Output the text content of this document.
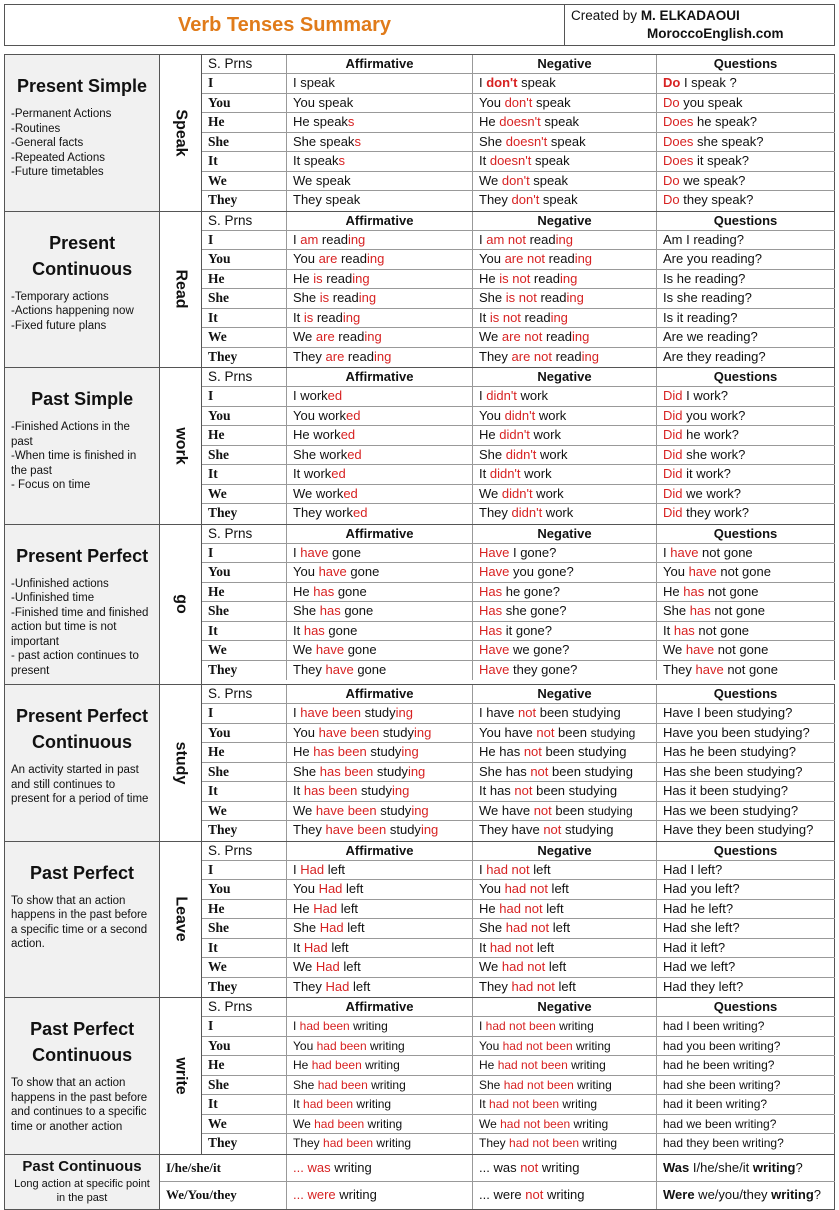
Verb Tenses Summary	Created by M. ELKADAOUI
MoroccoEnglish.com
Present Simple
-Permanent Actions
-Routines
-General facts
-Repeated Actions
-Future timetables
Speak
S. Prns	Affirmative	Negative	Questions
I	I speak	I don't speak	Do I speak ?
You	You speak	You don't speak	Do you speak
He	He speaks	He doesn't speak	Does he speak?
She	She speaks	She doesn't speak	Does she speak?
It	It speaks	It doesn't speak	Does it speak?
We	We speak	We don't speak	Do we speak?
They	They speak	They don't speak	Do they speak?
Present Continuous
-Temporary actions
-Actions happening now
-Fixed future plans
Read
S. Prns	Affirmative	Negative	Questions
I	I am reading	I am not reading	Am I reading?
You	You are reading	You are not reading	Are you reading?
He	He is reading	He is not reading	Is he reading?
She	She is reading	She is not reading	Is she reading?
It	It is reading	It is not reading	Is it reading?
We	We are reading	We are not reading	Are we reading?
They	They are reading	They are not reading	Are they reading?
Past Simple
-Finished Actions in the past
-When time is finished in the past
- Focus on time
work
S. Prns	Affirmative	Negative	Questions
I	I worked	I didn't work	Did I work?
You	You worked	You didn't work	Did you work?
He	He worked	He didn't work	Did he work?
She	She worked	She didn't work	Did she work?
It	It worked	It didn't work	Did it work?
We	We worked	We didn't work	Did we work?
They	They worked	They didn't work	Did they work?
Present Perfect
-Unfinished actions
-Unfinished time
-Finished time and finished action but time is not important
- past action continues to present
go
S. Prns	Affirmative	Negative	Questions
I	I have gone	Have I gone?	I have not gone
You	You have gone	Have you gone?	You have not gone
He	He has gone	Has he gone?	He has not gone
She	She has gone	Has she gone?	She has not gone
It	It has gone	Has it gone?	It has not gone
We	We have gone	Have we gone?	We have not gone
They	They have gone	Have they gone?	They have not gone
Present Perfect Continuous
An activity started in past and still continues to present for a period of time
study
S. Prns	Affirmative	Negative	Questions
I	I have been studying	I have not been studying	Have I been studying?
You	You have been studying	You have not been studying	Have you been studying?
He	He has been studying	He has not been studying	Has he been studying?
She	She has been studying	She has not been studying	Has she been studying?
It	It has been studying	It has not been studying	Has it been studying?
We	We have been studying	We have not been studying	Has we been studying?
They	They have been studying	They have not studying	Have they been studying?
Past Perfect
To show that an action happens in the past before a specific time or a second action.
Leave
S. Prns	Affirmative	Negative	Questions
I	I Had left	I had not left	Had I left?
You	You Had left	You had not left	Had you left?
He	He Had left	He had not left	Had he left?
She	She Had left	She had not left	Had she left?
It	It Had left	It had not left	Had it left?
We	We Had left	We had not left	Had we left?
They	They Had left	They had not left	Had they left?
Past Perfect Continuous
To show that an action happens in the past before and continues to a specific time or another action
write
S. Prns	Affirmative	Negative	Questions
I	I had been writing	I had not been writing	had I been writing?
You	You had been writing	You had not been writing	had you been writing?
He	He had been writing	He had not been writing	had he been writing?
She	She had been writing	She had not been writing	had she been writing?
It	It had been writing	It had not been writing	had it been writing?
We	We had been writing	We had not been writing	had we been writing?
They	They had been writing	They had not been writing	had they been writing?
Past Continuous
Long action at specific point in the past
I/he/she/it	... was writing	... was not writing	Was I/he/she/it writing?
We/You/they	... were writing	... were not writing	Were we/you/they writing?
